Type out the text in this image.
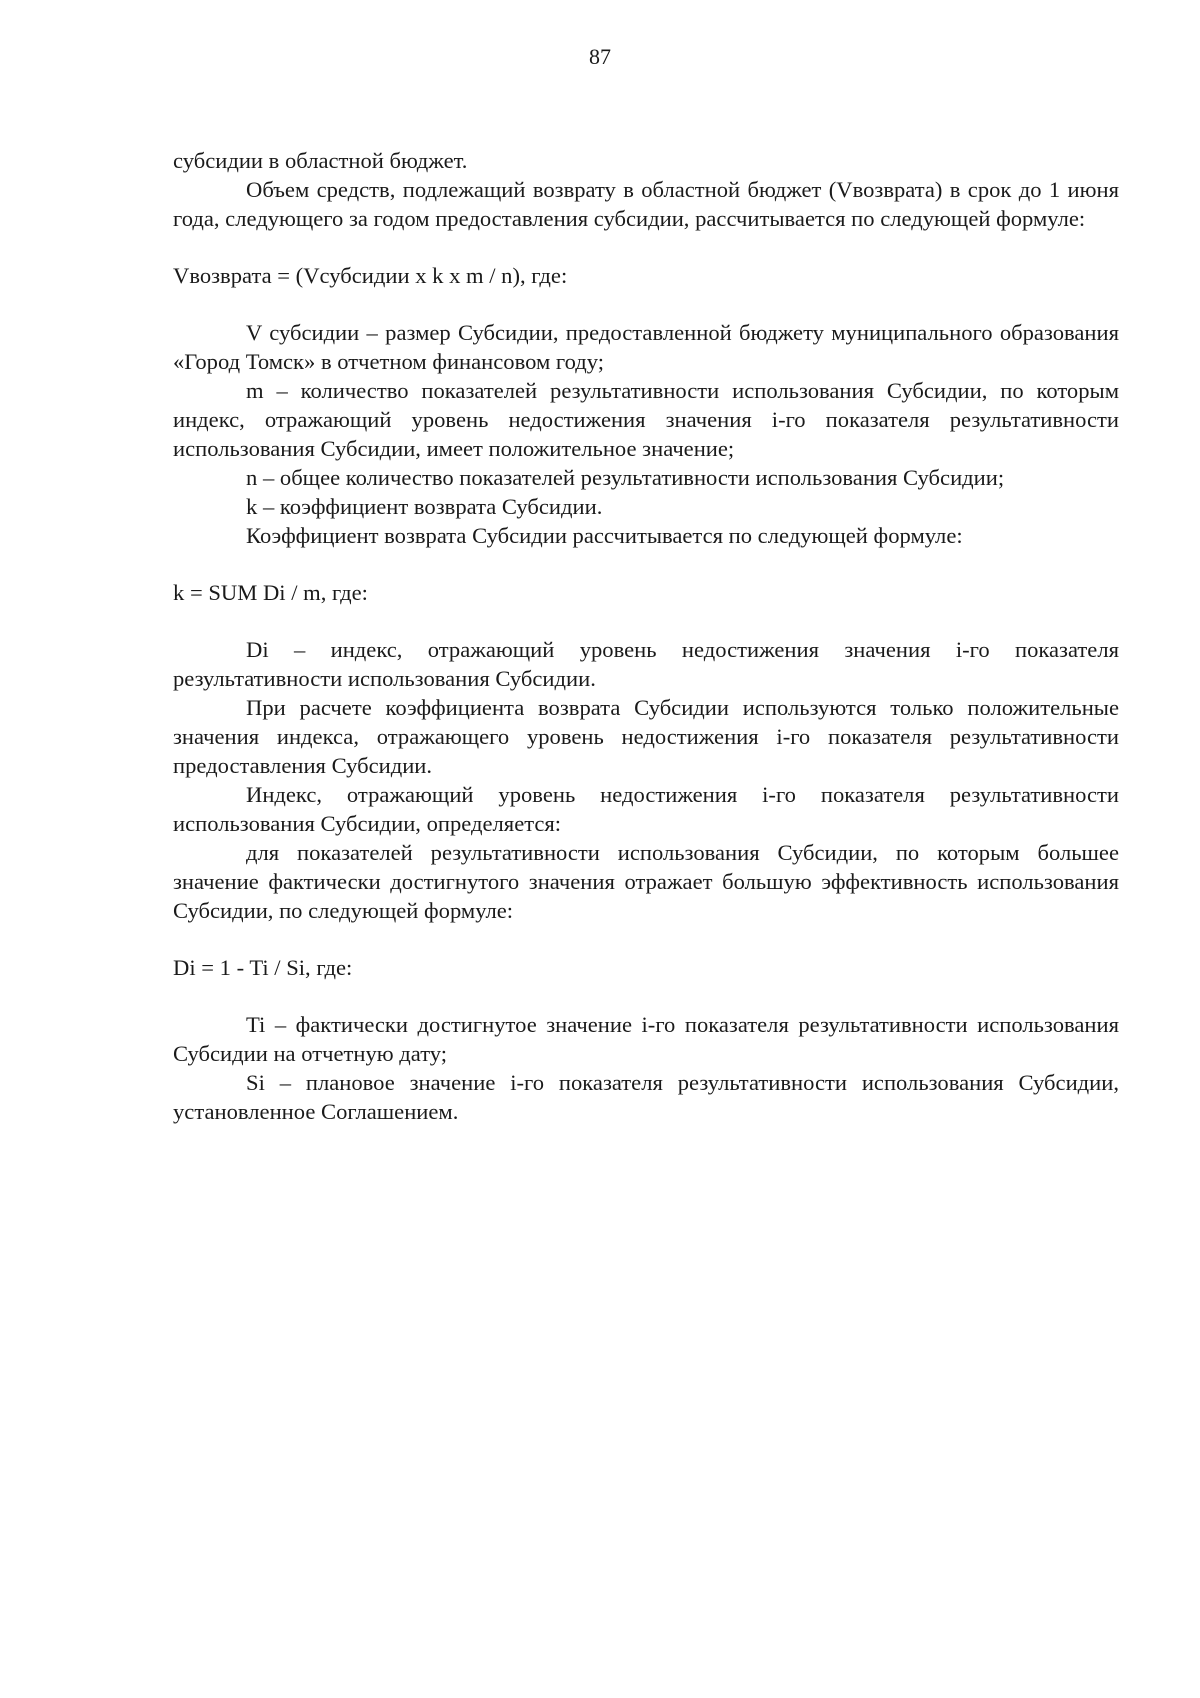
87

субсидии в областной бюджет.

Объем средств, подлежащий возврату в областной бюджет (Vвозврата) в срок до 1 июня года, следующего за годом предоставления субсидии, рассчитывается по следующей формуле:

Vвозврата = (Vсубсидии x k x m / n), где:

V субсидии – размер Субсидии, предоставленной бюджету муниципального образования «Город Томск» в отчетном финансовом году;

m – количество показателей результативности использования Субсидии, по которым индекс, отражающий уровень недостижения значения i-го показателя результативности использования Субсидии, имеет положительное значение;

n – общее количество показателей результативности использования Субсидии;

k – коэффициент возврата Субсидии.

Коэффициент возврата Субсидии рассчитывается по следующей формуле:

k = SUM Di / m, где:

Di – индекс, отражающий уровень недостижения значения i-го показателя результативности использования Субсидии.

При расчете коэффициента возврата Субсидии используются только положительные значения индекса, отражающего уровень недостижения i-го показателя результативности предоставления Субсидии.

Индекс, отражающий уровень недостижения i-го показателя результативности использования Субсидии, определяется:

для показателей результативности использования Субсидии, по которым большее значение фактически достигнутого значения отражает большую эффективность использования Субсидии, по следующей формуле:

Di = 1 - Ti / Si, где:

Ti – фактически достигнутое значение i-го показателя результативности использования Субсидии на отчетную дату;

Si – плановое значение i-го показателя результативности использования Субсидии, установленное Соглашением.
